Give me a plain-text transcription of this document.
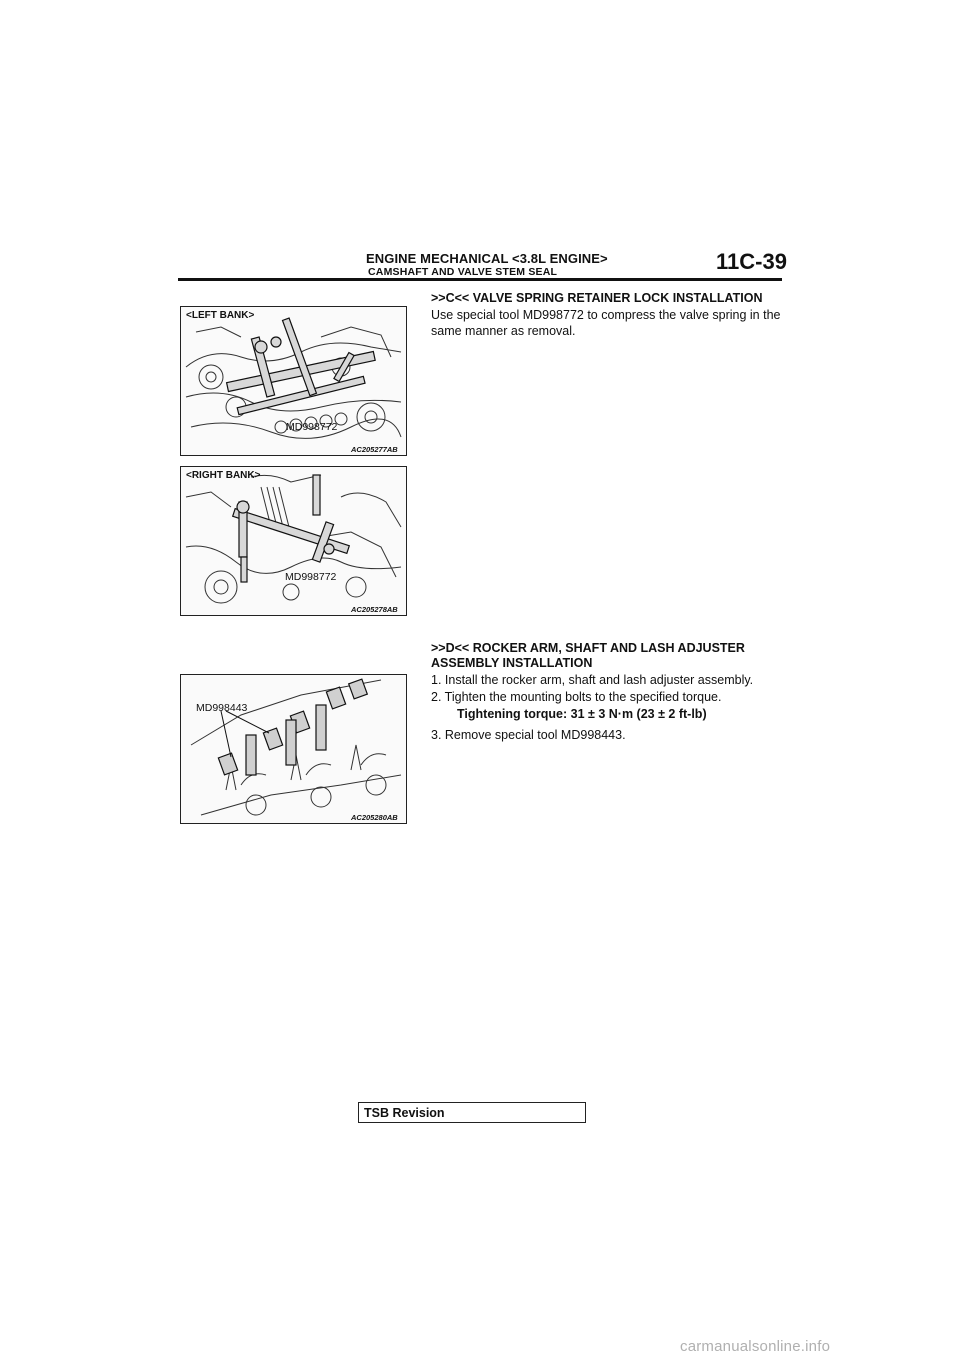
ENGINE MECHANICAL <3.8L ENGINE>
CAMSHAFT AND VALVE STEM SEAL	11C-39
<LEFT BANK>
MD998772
AC205277AB
<RIGHT BANK>
MD998772
AC205278AB
MD998443
AC205280AB
>>C<< VALVE SPRING RETAINER LOCK INSTALLATION
Use special tool MD998772 to compress the valve spring in the
same manner as removal.
>>D<< ROCKER ARM, SHAFT AND LASH ADJUSTER
ASSEMBLY INSTALLATION
1. Install the rocker arm, shaft and lash adjuster assembly.
2. Tighten the mounting bolts to the specified torque.
Tightening torque: 31 ± 3 N·m (23 ± 2 ft-lb)
3. Remove special tool MD998443.
TSB Revision
carmanualsonline.info
